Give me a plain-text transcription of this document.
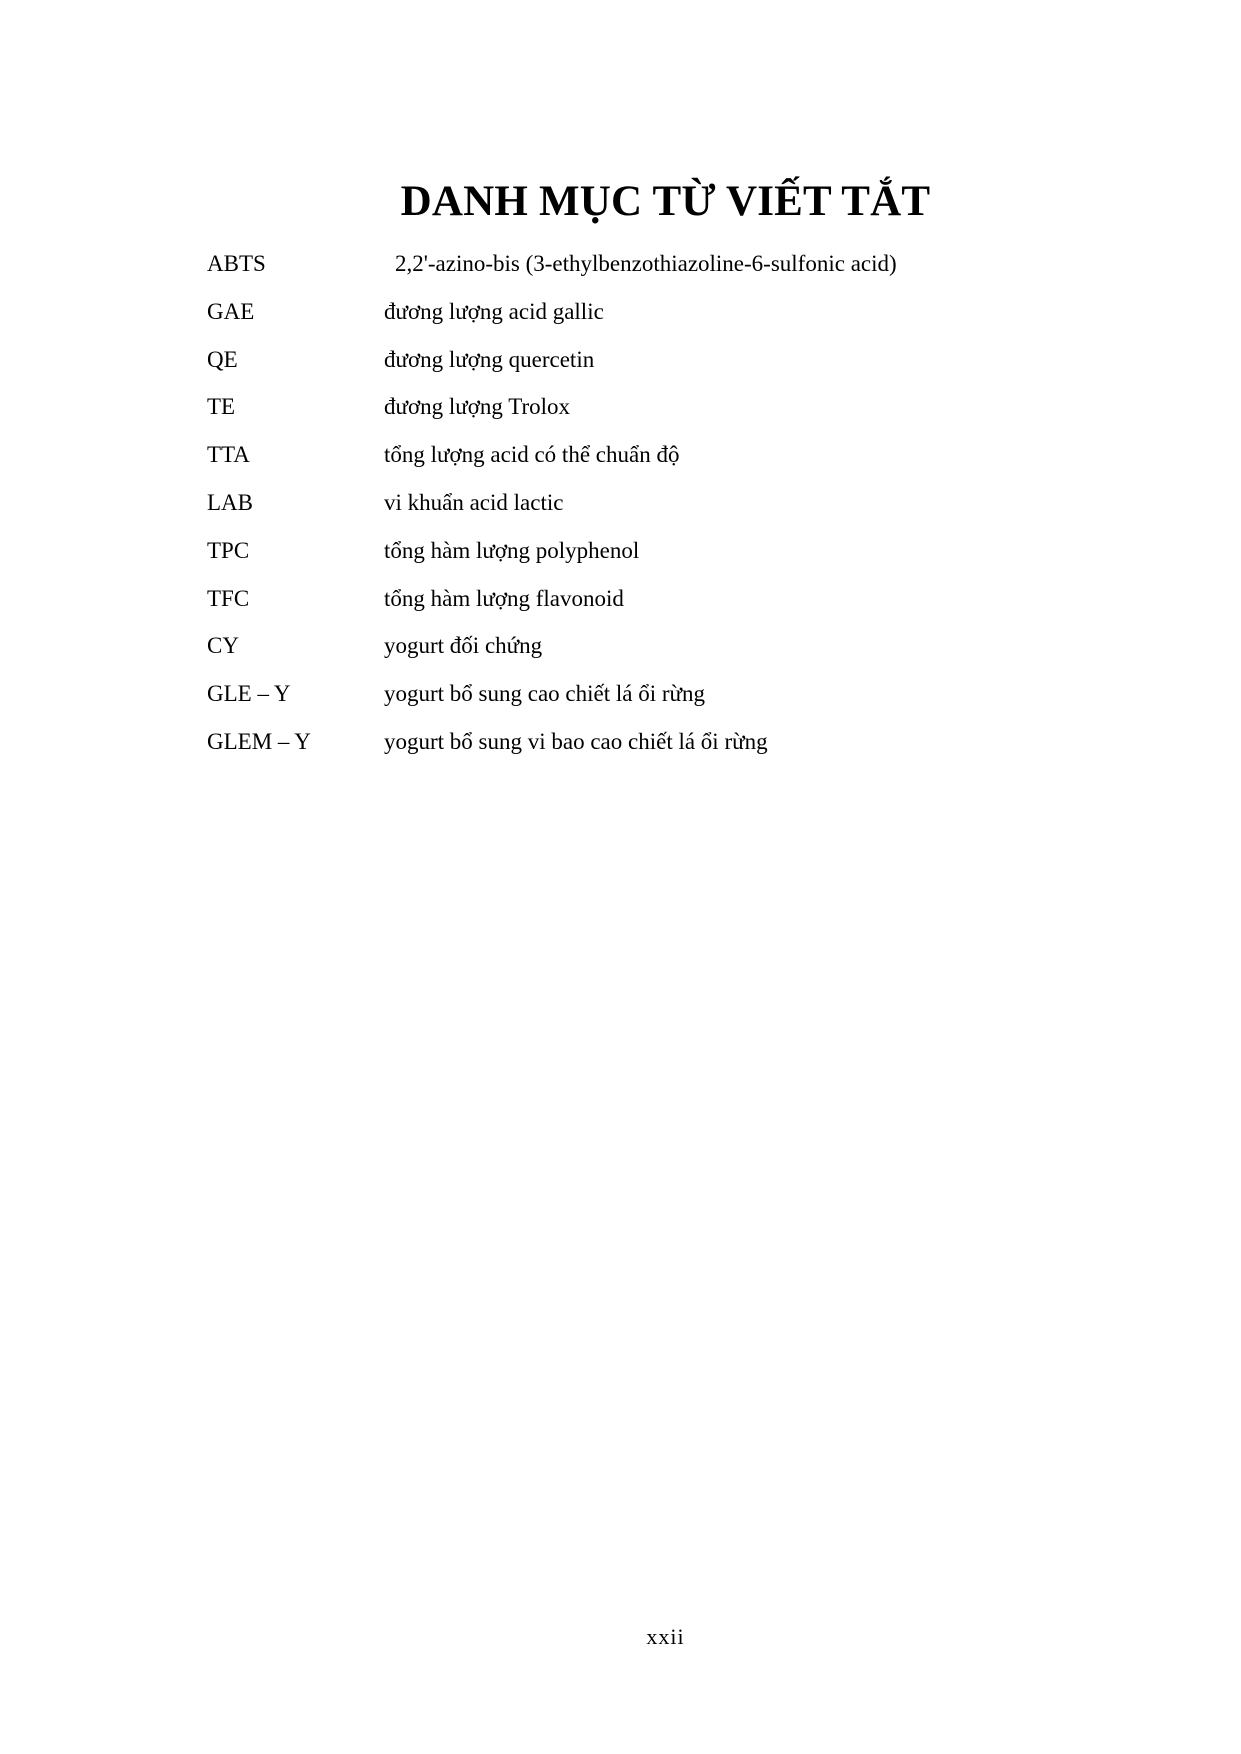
DANH MỤC TỪ VIẾT TẮT
ABTS	2,2'-azino-bis (3-ethylbenzothiazoline-6-sulfonic acid)
GAE	đương lượng acid gallic
QE	đương lượng quercetin
TE	đương lượng Trolox
TTA	tổng lượng acid có thể chuẩn độ
LAB	vi khuẩn acid lactic
TPC	tổng hàm lượng polyphenol
TFC	tổng hàm lượng flavonoid
CY	yogurt đối chứng
GLE – Y	yogurt bổ sung cao chiết lá ổi rừng
GLEM – Y	yogurt bổ sung vi bao cao chiết lá ổi rừng
xxii
